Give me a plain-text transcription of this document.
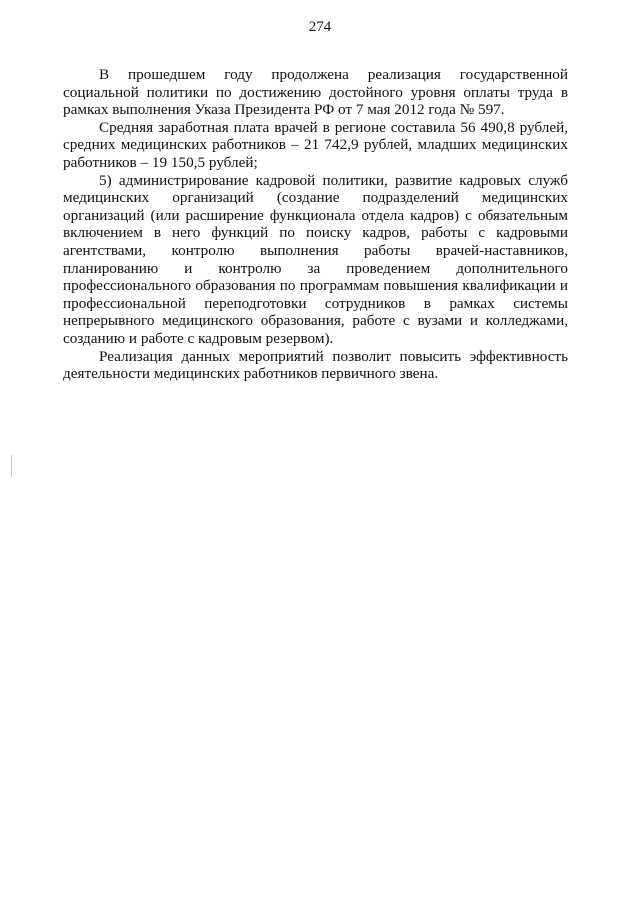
274

В прошедшем году продолжена реализация государственной социальной политики по достижению достойного уровня оплаты труда в рамках выполнения Указа Президента РФ от 7 мая 2012 года № 597.

Средняя заработная плата врачей в регионе составила 56 490,8 рублей, средних медицинских работников – 21 742,9 рублей, младших медицинских работников – 19 150,5 рублей;

5) администрирование кадровой политики, развитие кадровых служб медицинских организаций (создание подразделений медицинских организаций (или расширение функционала отдела кадров) с обязательным включением в него функций по поиску кадров, работы с кадровыми агентствами, контролю выполнения работы врачей-наставников, планированию и контролю за проведением дополнительного профессионального образования по программам повышения квалификации и профессиональной переподготовки сотрудников в рамках системы непрерывного медицинского образования, работе с вузами и колледжами, созданию и работе с кадровым резервом).

Реализация данных мероприятий позволит повысить эффективность деятельности медицинских работников первичного звена.
